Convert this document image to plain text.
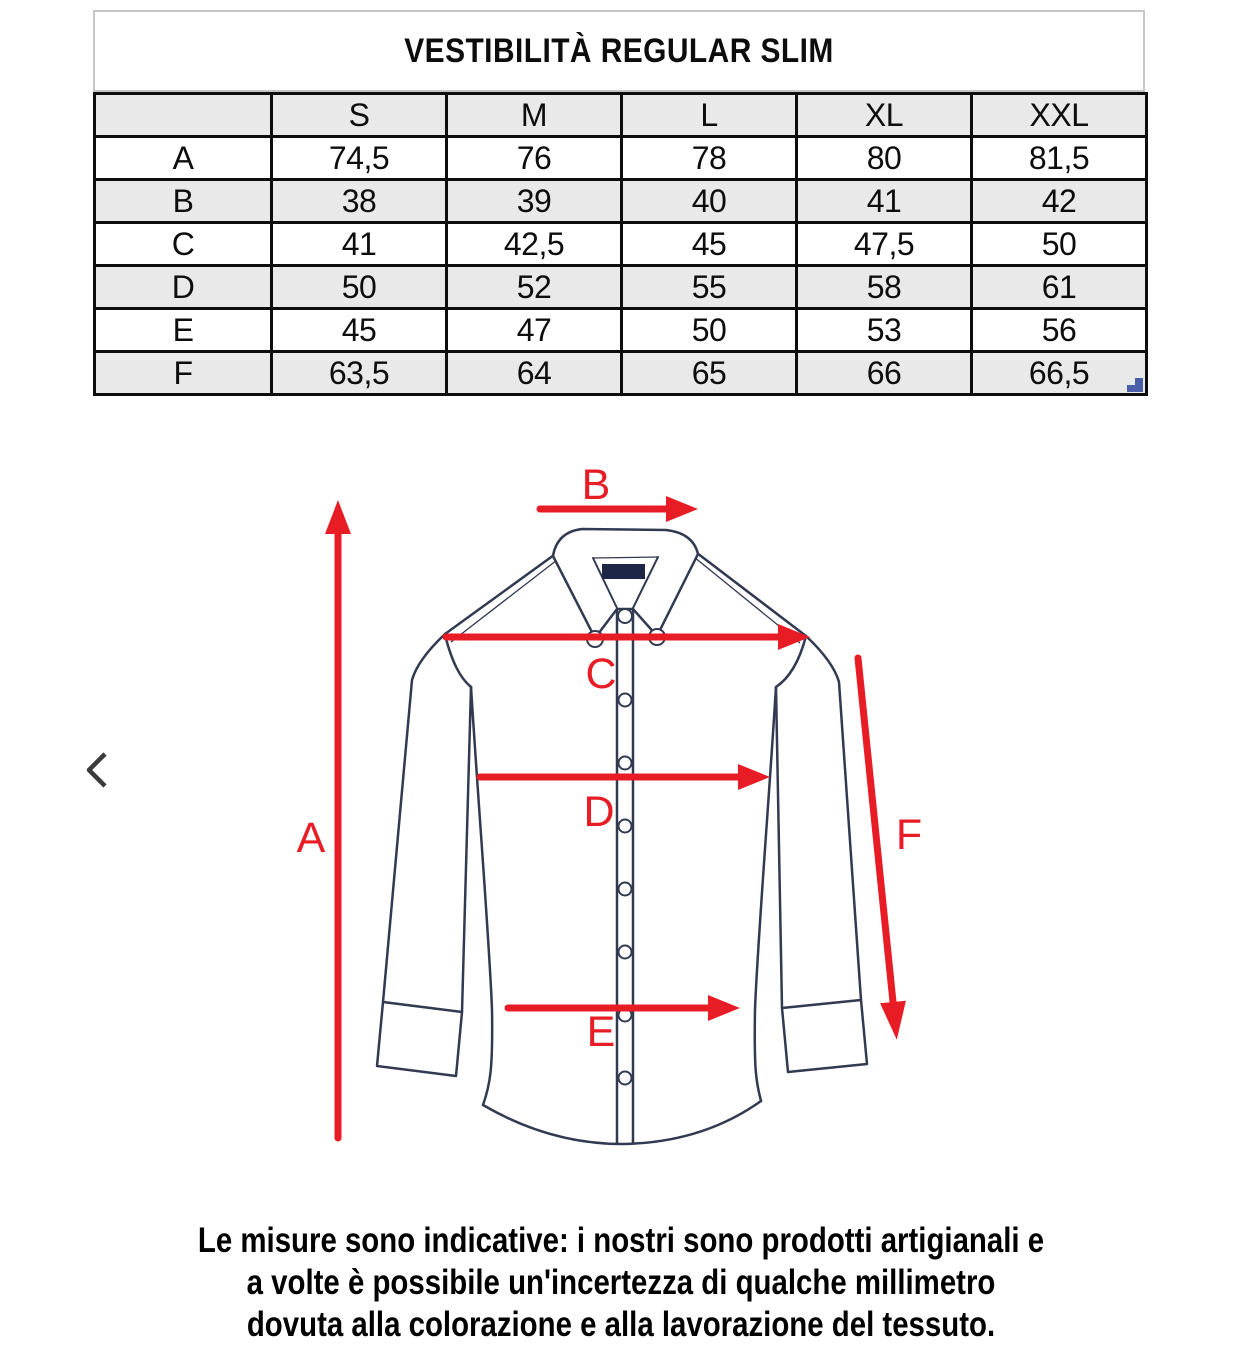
VESTIBILITÀ REGULAR SLIM
	S	M	L	XL	XXL
A	74,5	76	78	80	81,5
B	38	39	40	41	42
C	41	42,5	45	47,5	50
D	50	52	55	58	61
E	45	47	50	53	56
F	63,5	64	65	66	66,5
A
B
C
D
E
F
Le misure sono indicative: i nostri sono prodotti artigianali e
a volte è possibile un'incertezza di qualche millimetro
dovuta alla colorazione e alla lavorazione del tessuto.
